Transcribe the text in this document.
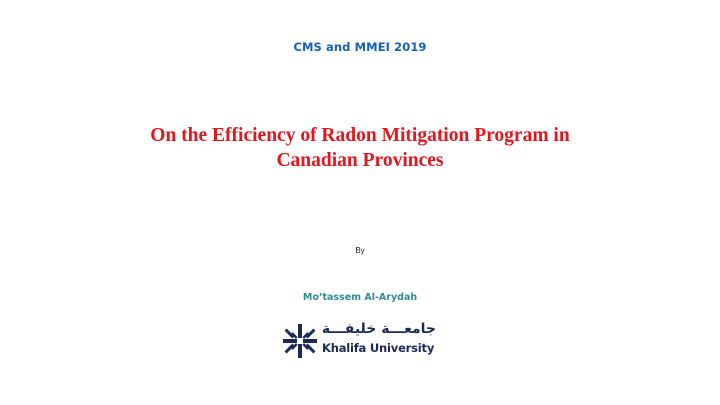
CMS and MMEI 2019
On the Efficiency of Radon Mitigation Program in
Canadian Provinces
By
Mo’tassem Al-Arydah
جامعـــة خليفـــة
Khalifa University
